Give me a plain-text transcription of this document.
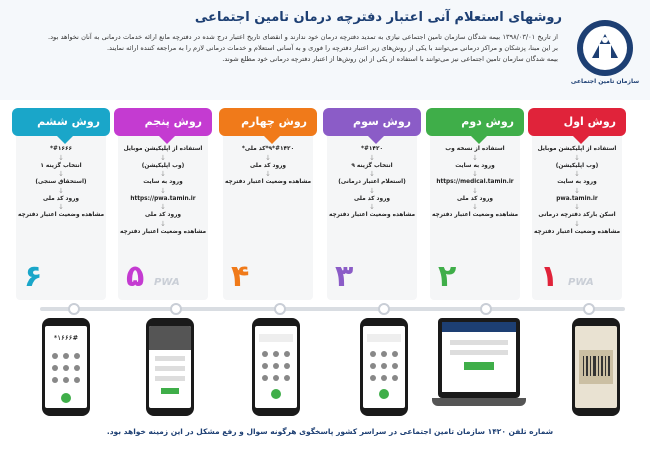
روشهای استعلام آنی اعتبار دفترچه درمان تامین اجتماعی
از تاریخ ۱۳۹۸/۰۳/۰۱ بیمه شدگان سازمان تامین اجتماعی نیازی به تمدید دفترچه درمان خود ندارند و انقضای تاریخ اعتبار درج شده در دفترچه مانع ارائه خدمات درمانی به آنان نخواهد بود. بر این مبنا، پزشکان و مراکز درمانی می‌توانند با یکی از روش‌های زیر اعتبار دفترچه را فوری و به آسانی استعلام و خدمات درمانی لازم را به مراجعه کننده ارائه نمایند.
بیمه شدگان سازمان تامین اجتماعی نیز می‌توانند با استفاده از یکی از این روش‌ها از اعتبار دفترچه درمانی خود مطلع شوند.
سازمان تامین اجتماعی
روش اول
استفاده از اپلیکیشن موبایل
↓
(وب اپلیکیشن)
↓
ورود به سایت
↓
pwa.tamin.ir
↓
اسکن بارکد دفترچه درمانی
↓
مشاهده وضعیت اعتبار دفترچه
۱ PWA
روش دوم
استفاده از نسخه وب
↓
ورود به سایت
↓
https://medical.tamin.ir
↓
ورود کد ملی
↓
مشاهده وضعیت اعتبار دفترچه
۲
روش سوم
#۱۴۲۰*
↓
انتخاب گزینه ۹
↓
(استعلام اعتبار درمانی)
↓
ورود کد ملی
↓
مشاهده وضعیت اعتبار دفترچه
۳
روش چهارم
#۱۴۲۰*۹*کد ملی*
↓
ورود کد ملی
↓
مشاهده وضعیت اعتبار دفترچه
۴
روش پنجم
استفاده از اپلیکیشن موبایل
↓
(وب اپلیکیشن)
↓
ورود به سایت
↓
https://pwa.tamin.ir
↓
ورود کد ملی
↓
مشاهده وضعیت اعتبار دفترچه
۵ PWA
روش ششم
#۱۶۶۶*
↓
انتخاب گزینه ۱
↓
(استحقاق سنجی)
↓
ورود کد ملی
↓
مشاهده وضعیت اعتبار دفترچه
۶
*۱۶۶۶#
شماره تلفن ۱۴۲۰ سازمان تامین اجتماعی در سراسر کشور پاسخگوی هرگونه سوال و رفع مشکل در این زمینه خواهد بود.
